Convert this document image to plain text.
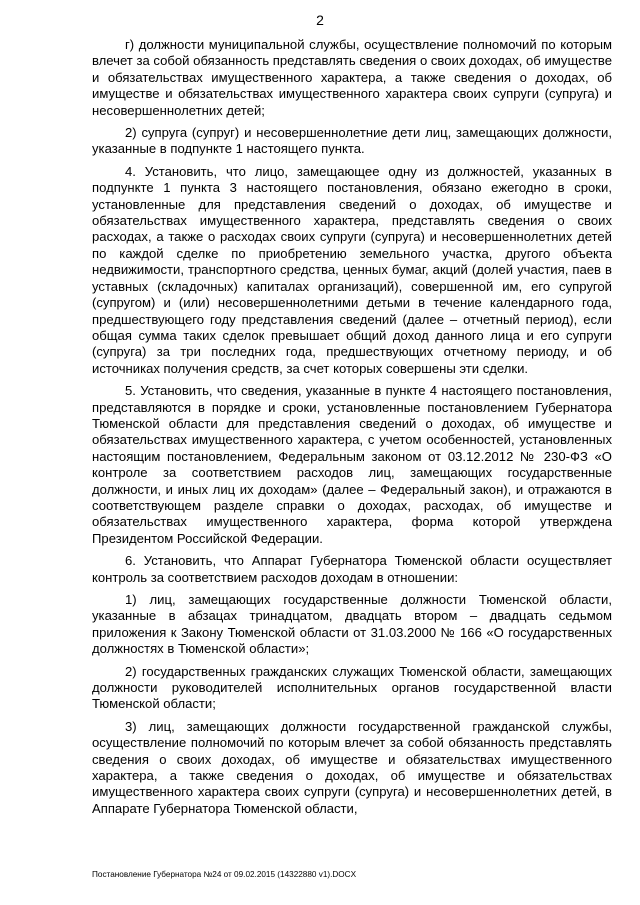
2

г) должности муниципальной службы, осуществление полномочий по которым влечет за собой обязанность представлять сведения о своих доходах, об имуществе и обязательствах имущественного характера, а также сведения о доходах, об имуществе и обязательствах имущественного характера своих супруги (супруга) и несовершеннолетних детей;

2) супруга (супруг) и несовершеннолетние дети лиц, замещающих должности, указанные в подпункте 1 настоящего пункта.

4. Установить, что лицо, замещающее одну из должностей, указанных в подпункте 1 пункта 3 настоящего постановления, обязано ежегодно в сроки, установленные для представления сведений о доходах, об имуществе и обязательствах имущественного характера, представлять сведения о своих расходах, а также о расходах своих супруги (супруга) и несовершеннолетних детей по каждой сделке по приобретению земельного участка, другого объекта недвижимости, транспортного средства, ценных бумаг, акций (долей участия, паев в уставных (складочных) капиталах организаций), совершенной им, его супругой (супругом) и (или) несовершеннолетними детьми в течение календарного года, предшествующего году представления сведений (далее – отчетный период), если общая сумма таких сделок превышает общий доход данного лица и его супруги (супруга) за три последних года, предшествующих отчетному периоду, и об источниках получения средств, за счет которых совершены эти сделки.

5. Установить, что сведения, указанные в пункте 4 настоящего постановления, представляются в порядке и сроки, установленные постановлением Губернатора Тюменской области для представления сведений о доходах, об имуществе и обязательствах имущественного характера, с учетом особенностей, установленных настоящим постановлением, Федеральным законом от 03.12.2012 № 230-ФЗ «О контроле за соответствием расходов лиц, замещающих государственные должности, и иных лиц их доходам» (далее – Федеральный закон), и отражаются в соответствующем разделе справки о доходах, расходах, об имуществе и обязательствах имущественного характера, форма которой утверждена Президентом Российской Федерации.

6. Установить, что Аппарат Губернатора Тюменской области осуществляет контроль за соответствием расходов доходам в отношении:

1) лиц, замещающих государственные должности Тюменской области, указанные в абзацах тринадцатом, двадцать втором – двадцать седьмом приложения к Закону Тюменской области от 31.03.2000 № 166 «О государственных должностях в Тюменской области»;

2) государственных гражданских служащих Тюменской области, замещающих должности руководителей исполнительных органов государственной власти Тюменской области;

3) лиц, замещающих должности государственной гражданской службы, осуществление полномочий по которым влечет за собой обязанность представлять сведения о своих доходах, об имуществе и обязательствах имущественного характера, а также сведения о доходах, об имуществе и обязательствах имущественного характера своих супруги (супруга) и несовершеннолетних детей, в Аппарате Губернатора Тюменской области,

Постановление Губернатора №24 от 09.02.2015 (14322880 v1).DOCX
